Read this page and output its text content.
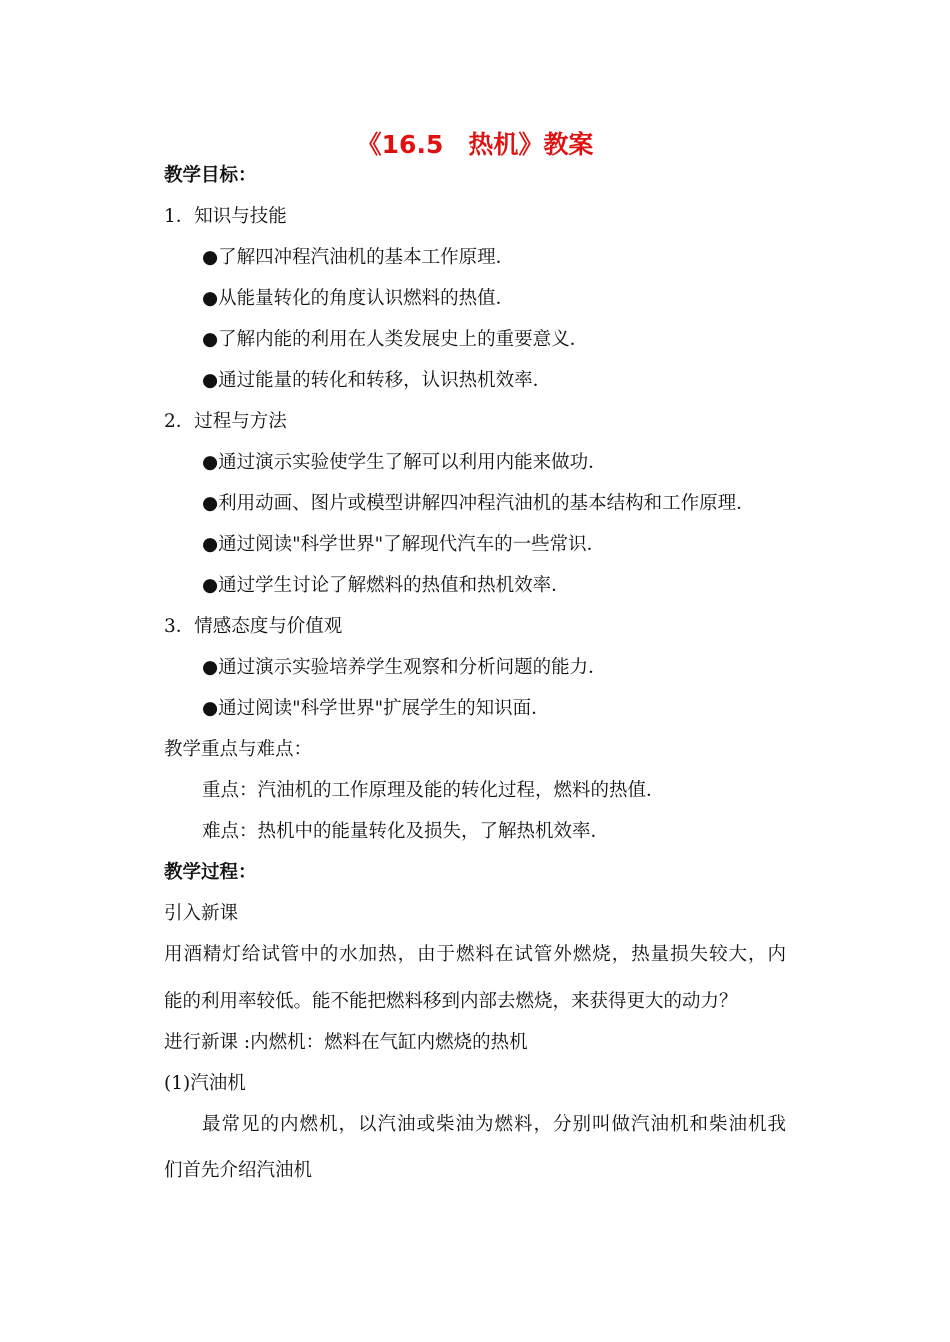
《16.5　热机》教案
教学目标：
1．知识与技能
●了解四冲程汽油机的基本工作原理．
●从能量转化的角度认识燃料的热值．
●了解内能的利用在人类发展史上的重要意义．
●通过能量的转化和转移，认识热机效率．
2．过程与方法
●通过演示实验使学生了解可以利用内能来做功．
●利用动画、图片或模型讲解四冲程汽油机的基本结构和工作原理．
●通过阅读"科学世界"了解现代汽车的一些常识．
●通过学生讨论了解燃料的热值和热机效率．
3．情感态度与价值观
●通过演示实验培养学生观察和分析问题的能力．
●通过阅读"科学世界"扩展学生的知识面．
教学重点与难点：
重点：汽油机的工作原理及能的转化过程，燃料的热值．
难点：热机中的能量转化及损失，了解热机效率．
教学过程：
引入新课
用酒精灯给试管中的水加热，由于燃料在试管外燃烧，热量损失较大，内
能的利用率较低。能不能把燃料移到内部去燃烧，来获得更大的动力？
进行新课 :内燃机：燃料在气缸内燃烧的热机
(1)汽油机
最常见的内燃机，以汽油或柴油为燃料，分别叫做汽油机和柴油机我
们首先介绍汽油机
